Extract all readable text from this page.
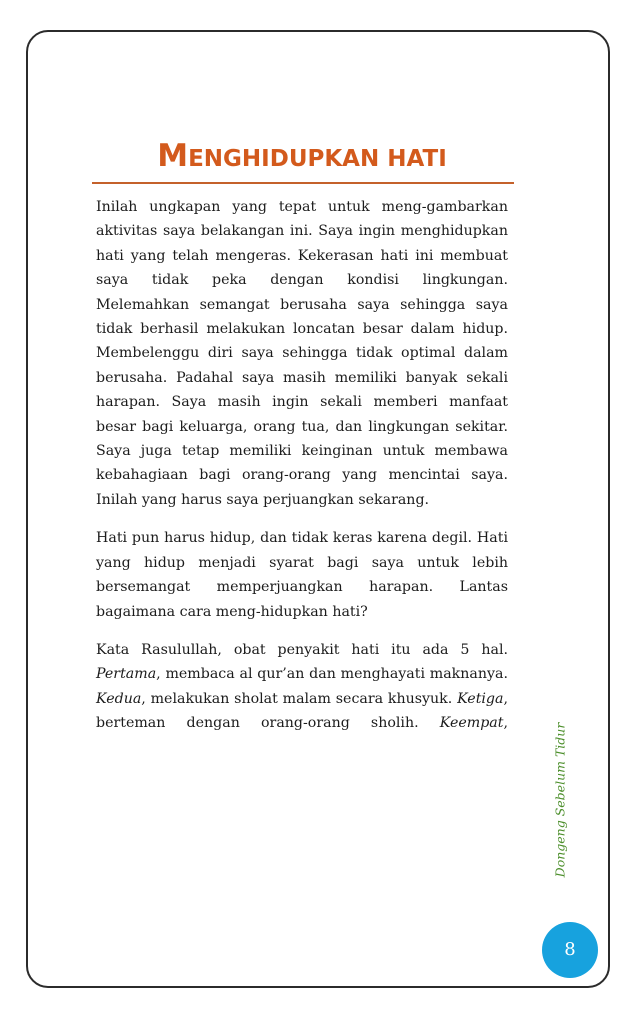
MENGHIDUPKAN HATI

Inilah ungkapan yang tepat untuk meng-gambarkan aktivitas saya belakangan ini. Saya ingin menghidupkan hati yang telah mengeras. Kekerasan hati ini membuat saya tidak peka dengan kondisi lingkungan. Melemahkan semangat berusaha saya sehingga saya tidak berhasil melakukan loncatan besar dalam hidup. Membelenggu diri saya sehingga tidak optimal dalam berusaha. Padahal saya masih memiliki banyak sekali harapan. Saya masih ingin sekali memberi manfaat besar bagi keluarga, orang tua, dan lingkungan sekitar. Saya juga tetap memiliki keinginan untuk membawa kebahagiaan bagi orang-orang yang mencintai saya. Inilah yang harus saya perjuangkan sekarang.

Hati pun harus hidup, dan tidak keras karena degil. Hati yang hidup menjadi syarat bagi saya untuk lebih bersemangat memperjuangkan harapan. Lantas bagaimana cara meng-hidupkan hati?

Kata Rasulullah, obat penyakit hati itu ada 5 hal. Pertama, membaca al qur’an dan menghayati maknanya. Kedua, melakukan sholat malam secara khusyuk. Ketiga, berteman dengan orang-orang sholih. Keempat,	Dongeng Sebelum Tidur
8
